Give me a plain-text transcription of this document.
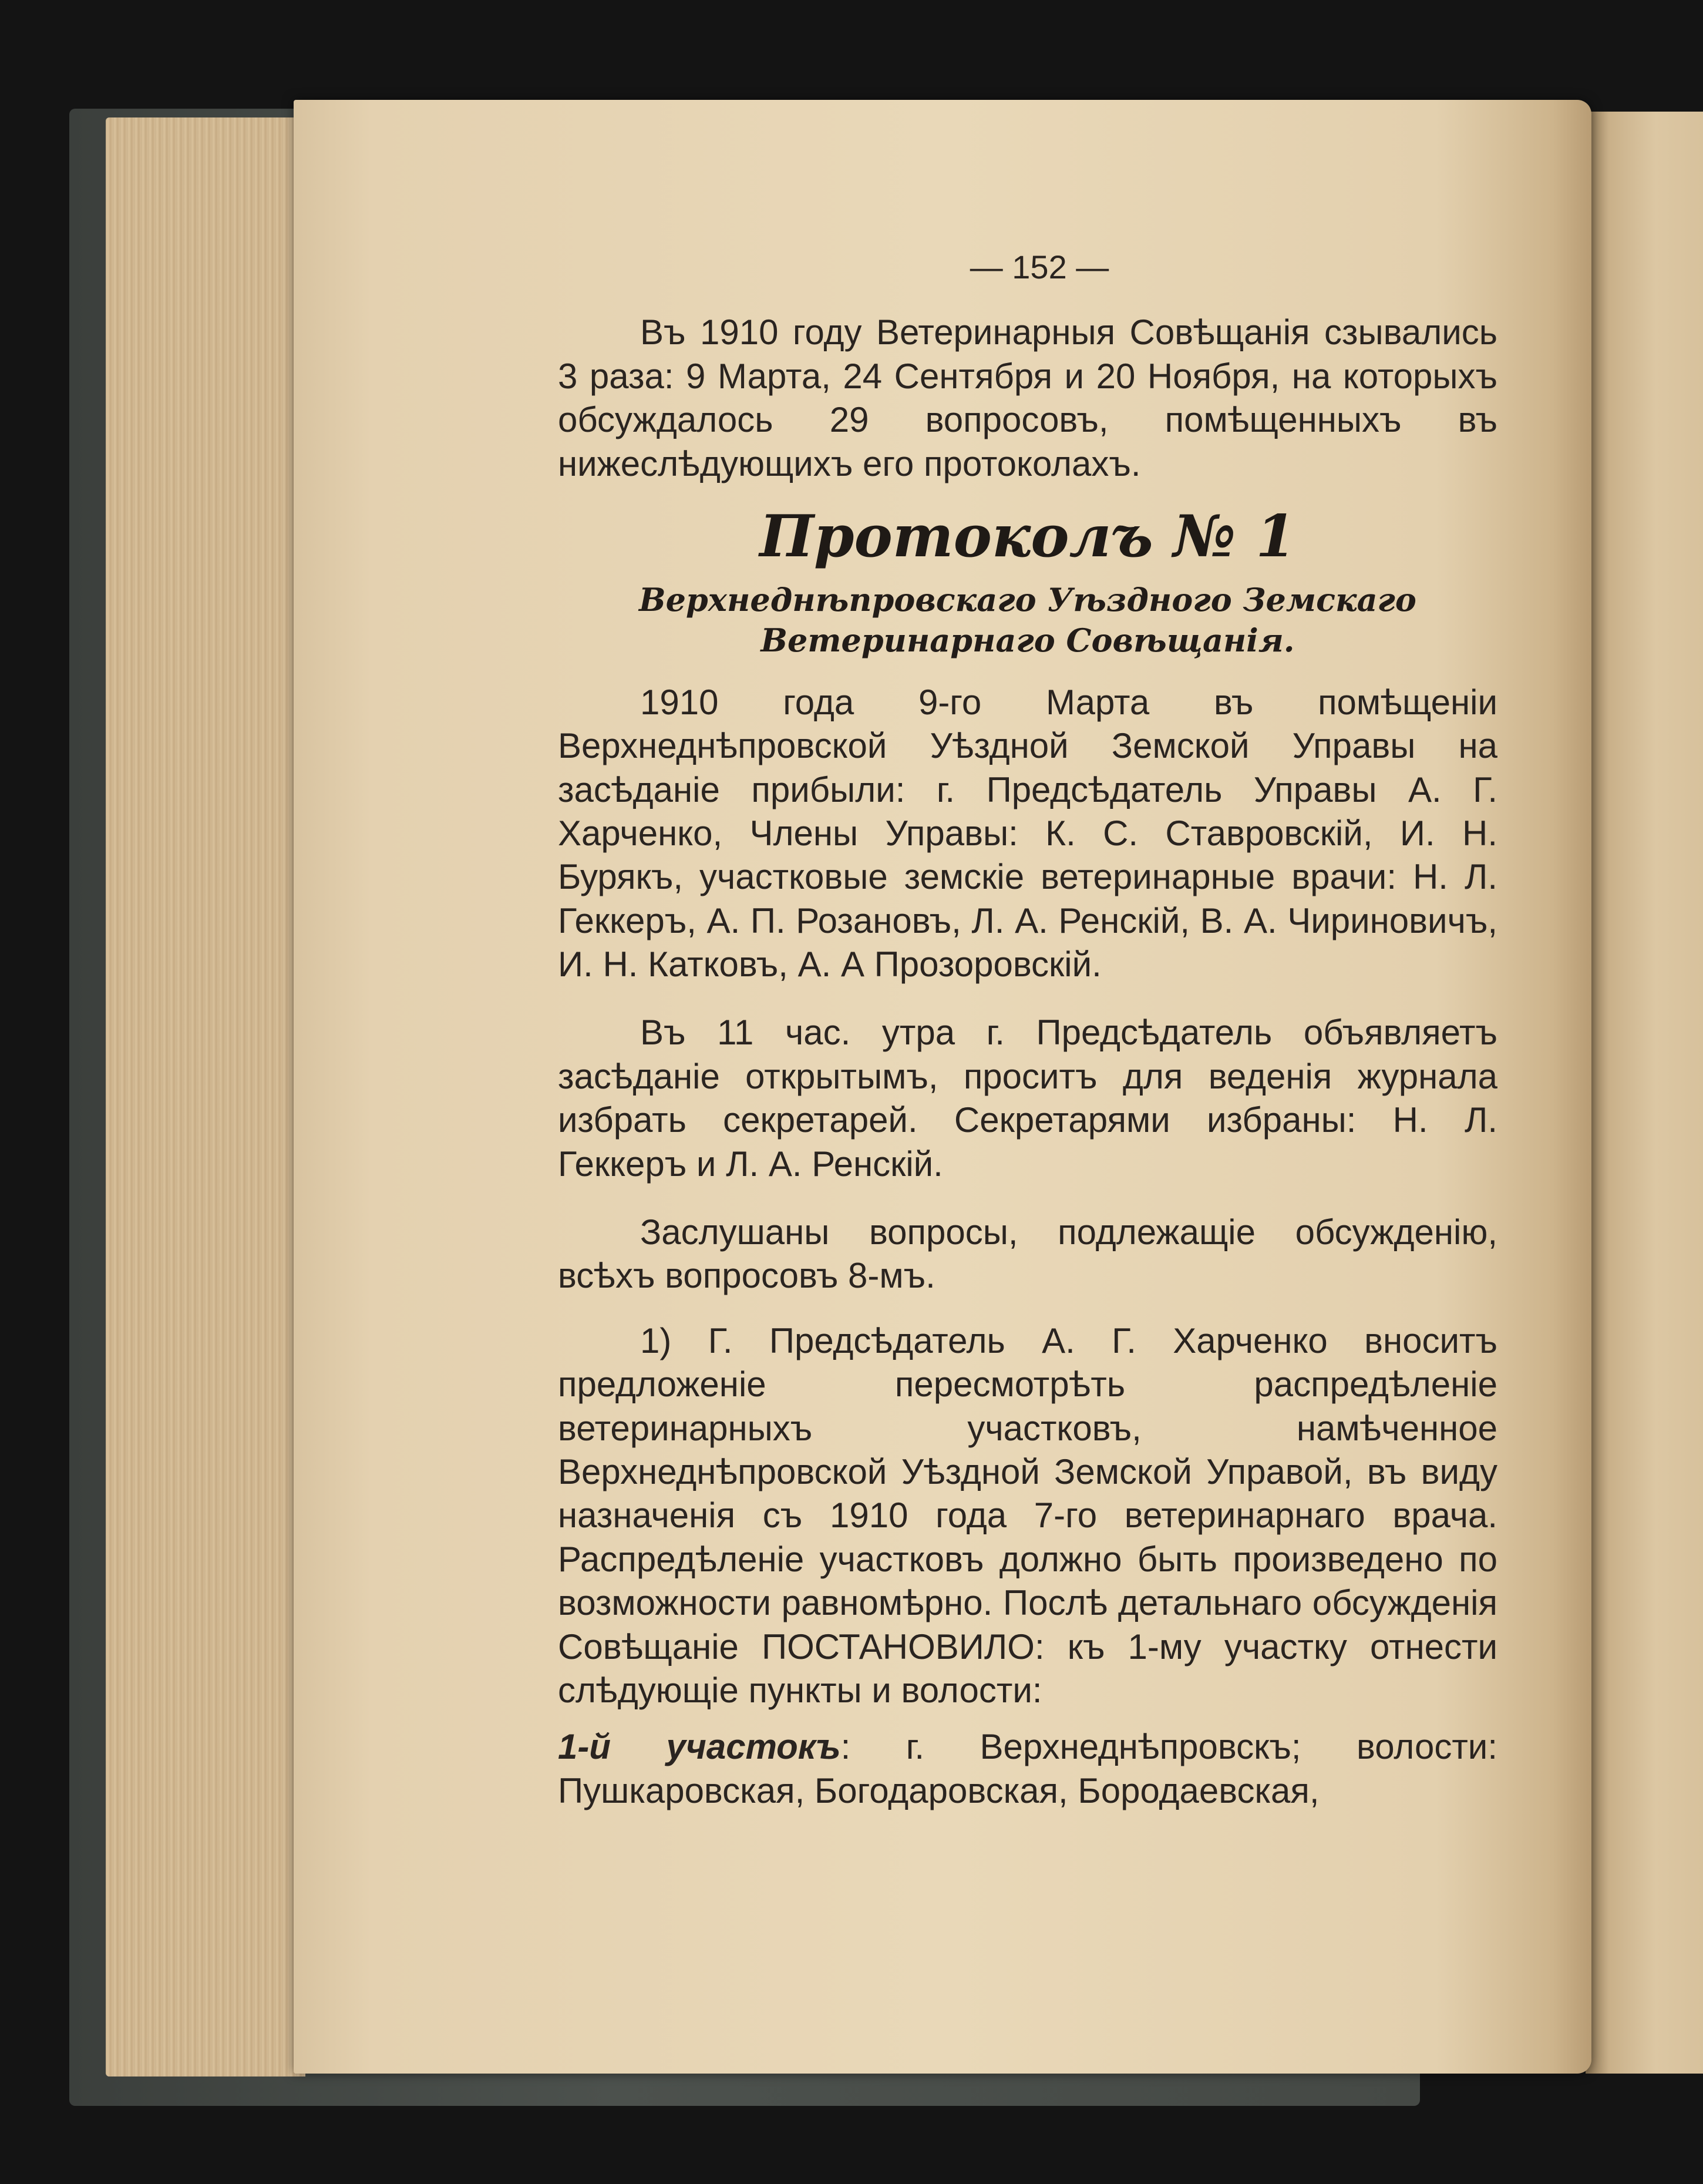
— 152 —

Въ 1910 году Ветеринарныя Совѣщанія сзывались 3 раза: 9 Марта, 24 Сентября и 20 Ноября, на которыхъ обсуждалось 29 вопросовъ, помѣщенныхъ въ нижеслѣдующихъ его протоколахъ.

Протоколъ № 1
Верхнеднѣпровскаго Уѣздного Земскаго
Ветеринарнаго Совѣщанія.

1910 года 9-го Марта въ помѣщеніи Верхнеднѣпровской Уѣздной Земской Управы на засѣданіе прибыли: г. Предсѣдатель Управы А. Г. Харченко, Члены Управы: К. С. Ставровскій, И. Н. Бурякъ, участковые земскіе ветеринарные врачи: Н. Л. Геккеръ, А. П. Розановъ, Л. А. Ренскій, В. А. Чириновичъ, И. Н. Катковъ, А. А Прозоровскій.

Въ 11 час. утра г. Предсѣдатель объявляетъ засѣданіе открытымъ, проситъ для веденія журнала избрать секретарей. Секретарями избраны: Н. Л. Геккеръ и Л. А. Ренскій.

Заслушаны вопросы, подлежащіе обсужденію, всѣхъ вопросовъ 8-мъ.

1) Г. Предсѣдатель А. Г. Харченко вноситъ предложеніе пересмотрѣть распредѣленіе ветеринарныхъ участковъ, намѣченное Верхнеднѣпровской Уѣздной Земской Управой, въ виду назначенія съ 1910 года 7-го ветеринарнаго врача. Распредѣленіе участковъ должно быть произведено по возможности равномѣрно. Послѣ детальнаго обсужденія Совѣщаніе ПОСТАНОВИЛО: къ 1-му участку отнести слѣдующіе пункты и волости:

1-й участокъ: г. Верхнеднѣпровскъ; волости: Пушкаровская, Богодаровская, Бородаевская,
